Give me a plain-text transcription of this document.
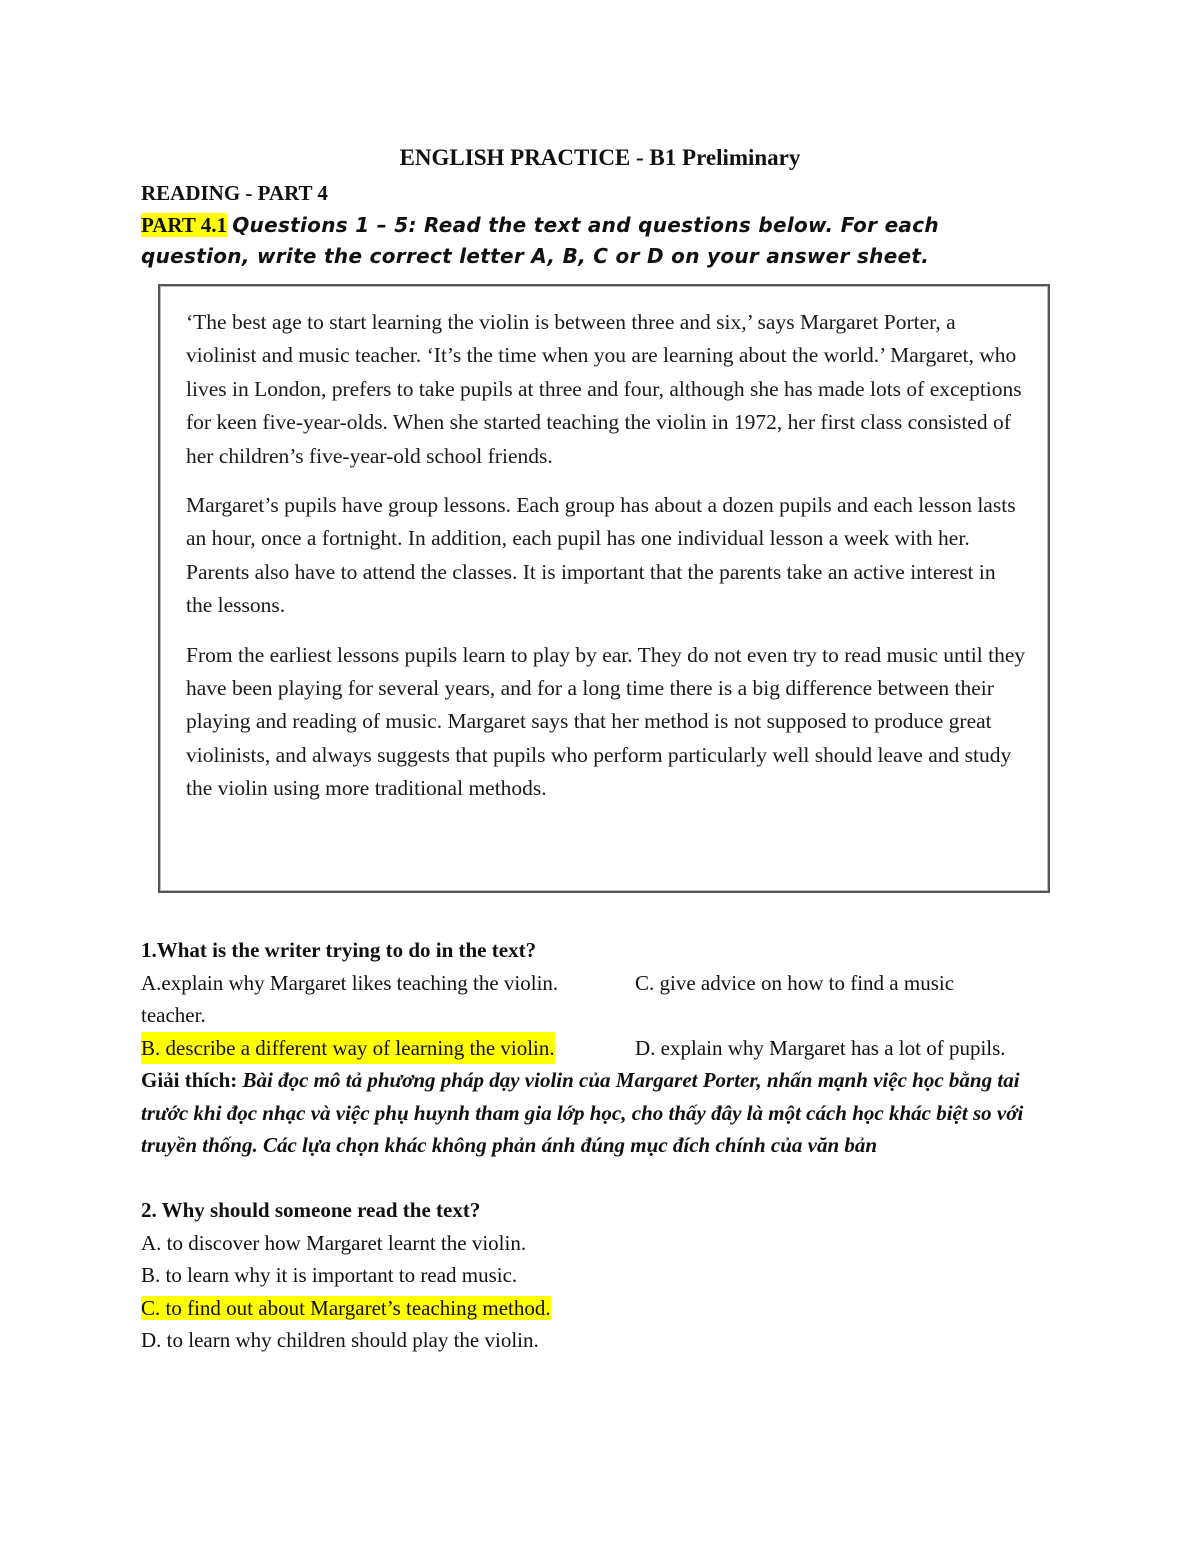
ENGLISH PRACTICE - B1 Preliminary
READING - PART 4
PART 4.1 Questions 1 – 5: Read the text and questions below. For each question, write the correct letter A, B, C or D on your answer sheet.

‘The best age to start learning the violin is between three and six,’ says Margaret Porter, a violinist and music teacher. ‘It’s the time when you are learning about the world.’ Margaret, who lives in London, prefers to take pupils at three and four, although she has made lots of exceptions for keen five-year-olds. When she started teaching the violin in 1972, her first class consisted of her children’s five-year-old school friends.

Margaret’s pupils have group lessons. Each group has about a dozen pupils and each lesson lasts an hour, once a fortnight. In addition, each pupil has one individual lesson a week with her. Parents also have to attend the classes. It is important that the parents take an active interest in the lessons.

From the earliest lessons pupils learn to play by ear. They do not even try to read music until they have been playing for several years, and for a long time there is a big difference between their playing and reading of music. Margaret says that her method is not supposed to produce great violinists, and always suggests that pupils who perform particularly well should leave and study the violin using more traditional methods.

1.What is the writer trying to do in the text?
A.explain why Margaret likes teaching the violin.	C. give advice on how to find a music
teacher.
B. describe a different way of learning the violin.	D. explain why Margaret has a lot of pupils.
Giải thích: Bài đọc mô tả phương pháp dạy violin của Margaret Porter, nhấn mạnh việc học bằng tai trước khi đọc nhạc và việc phụ huynh tham gia lớp học, cho thấy đây là một cách học khác biệt so với truyền thống. Các lựa chọn khác không phản ánh đúng mục đích chính của văn bản
2. Why should someone read the text?
A. to discover how Margaret learnt the violin.
B. to learn why it is important to read music.
C. to find out about Margaret’s teaching method.
D. to learn why children should play the violin.
